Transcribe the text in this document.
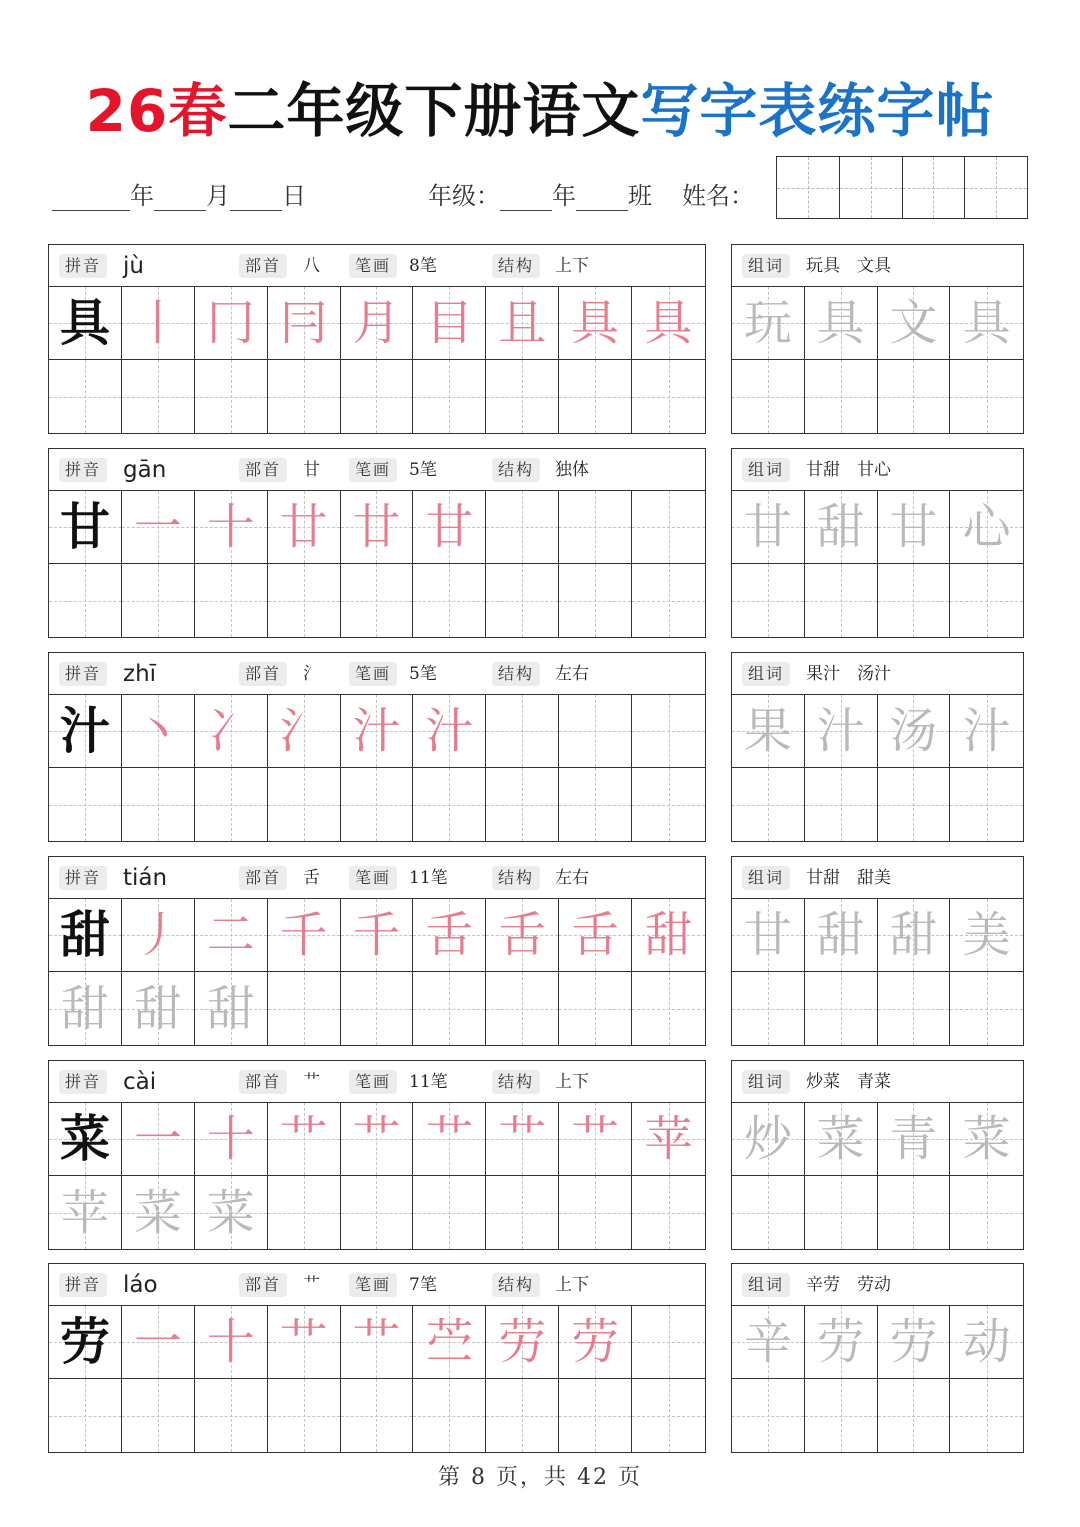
26春二年级下册语文写字表练字帖
年 月 日	年级： 年 班 姓名：
拼音 jù	部首	八	笔画	8笔	结构	上下
具 丨 冂 冃 月 目 且 具 具
组词	玩具　文具
玩 具 文 具
拼音 gān	部首	甘	笔画	5笔	结构	独体
甘 一 十 廿 廿 甘
组词	甘甜　甘心
甘 甜 甘 心
拼音 zhī	部首	氵	笔画	5笔	结构	左右
汁 丶 冫 氵 汁 汁
组词	果汁　汤汁
果 汁 汤 汁
拼音 tián	部首	舌	笔画	11笔	结构	左右
甜 丿 二 千 千 舌 舌 舌 甜
甜 甜 甜
组词	甘甜　甜美
甘 甜 甜 美
拼音 cài	部首	艹	笔画	11笔	结构	上下
菜 一 十 艹 艹 艹 艹 艹 苹
苹 菜 菜
组词	炒菜　青菜
炒 菜 青 菜
拼音 láo	部首	艹	笔画	7笔	结构	上下
劳 一 十 艹 艹 苎 劳 劳
组词	辛劳　劳动
辛 劳 劳 动
第 8 页，共 42 页
